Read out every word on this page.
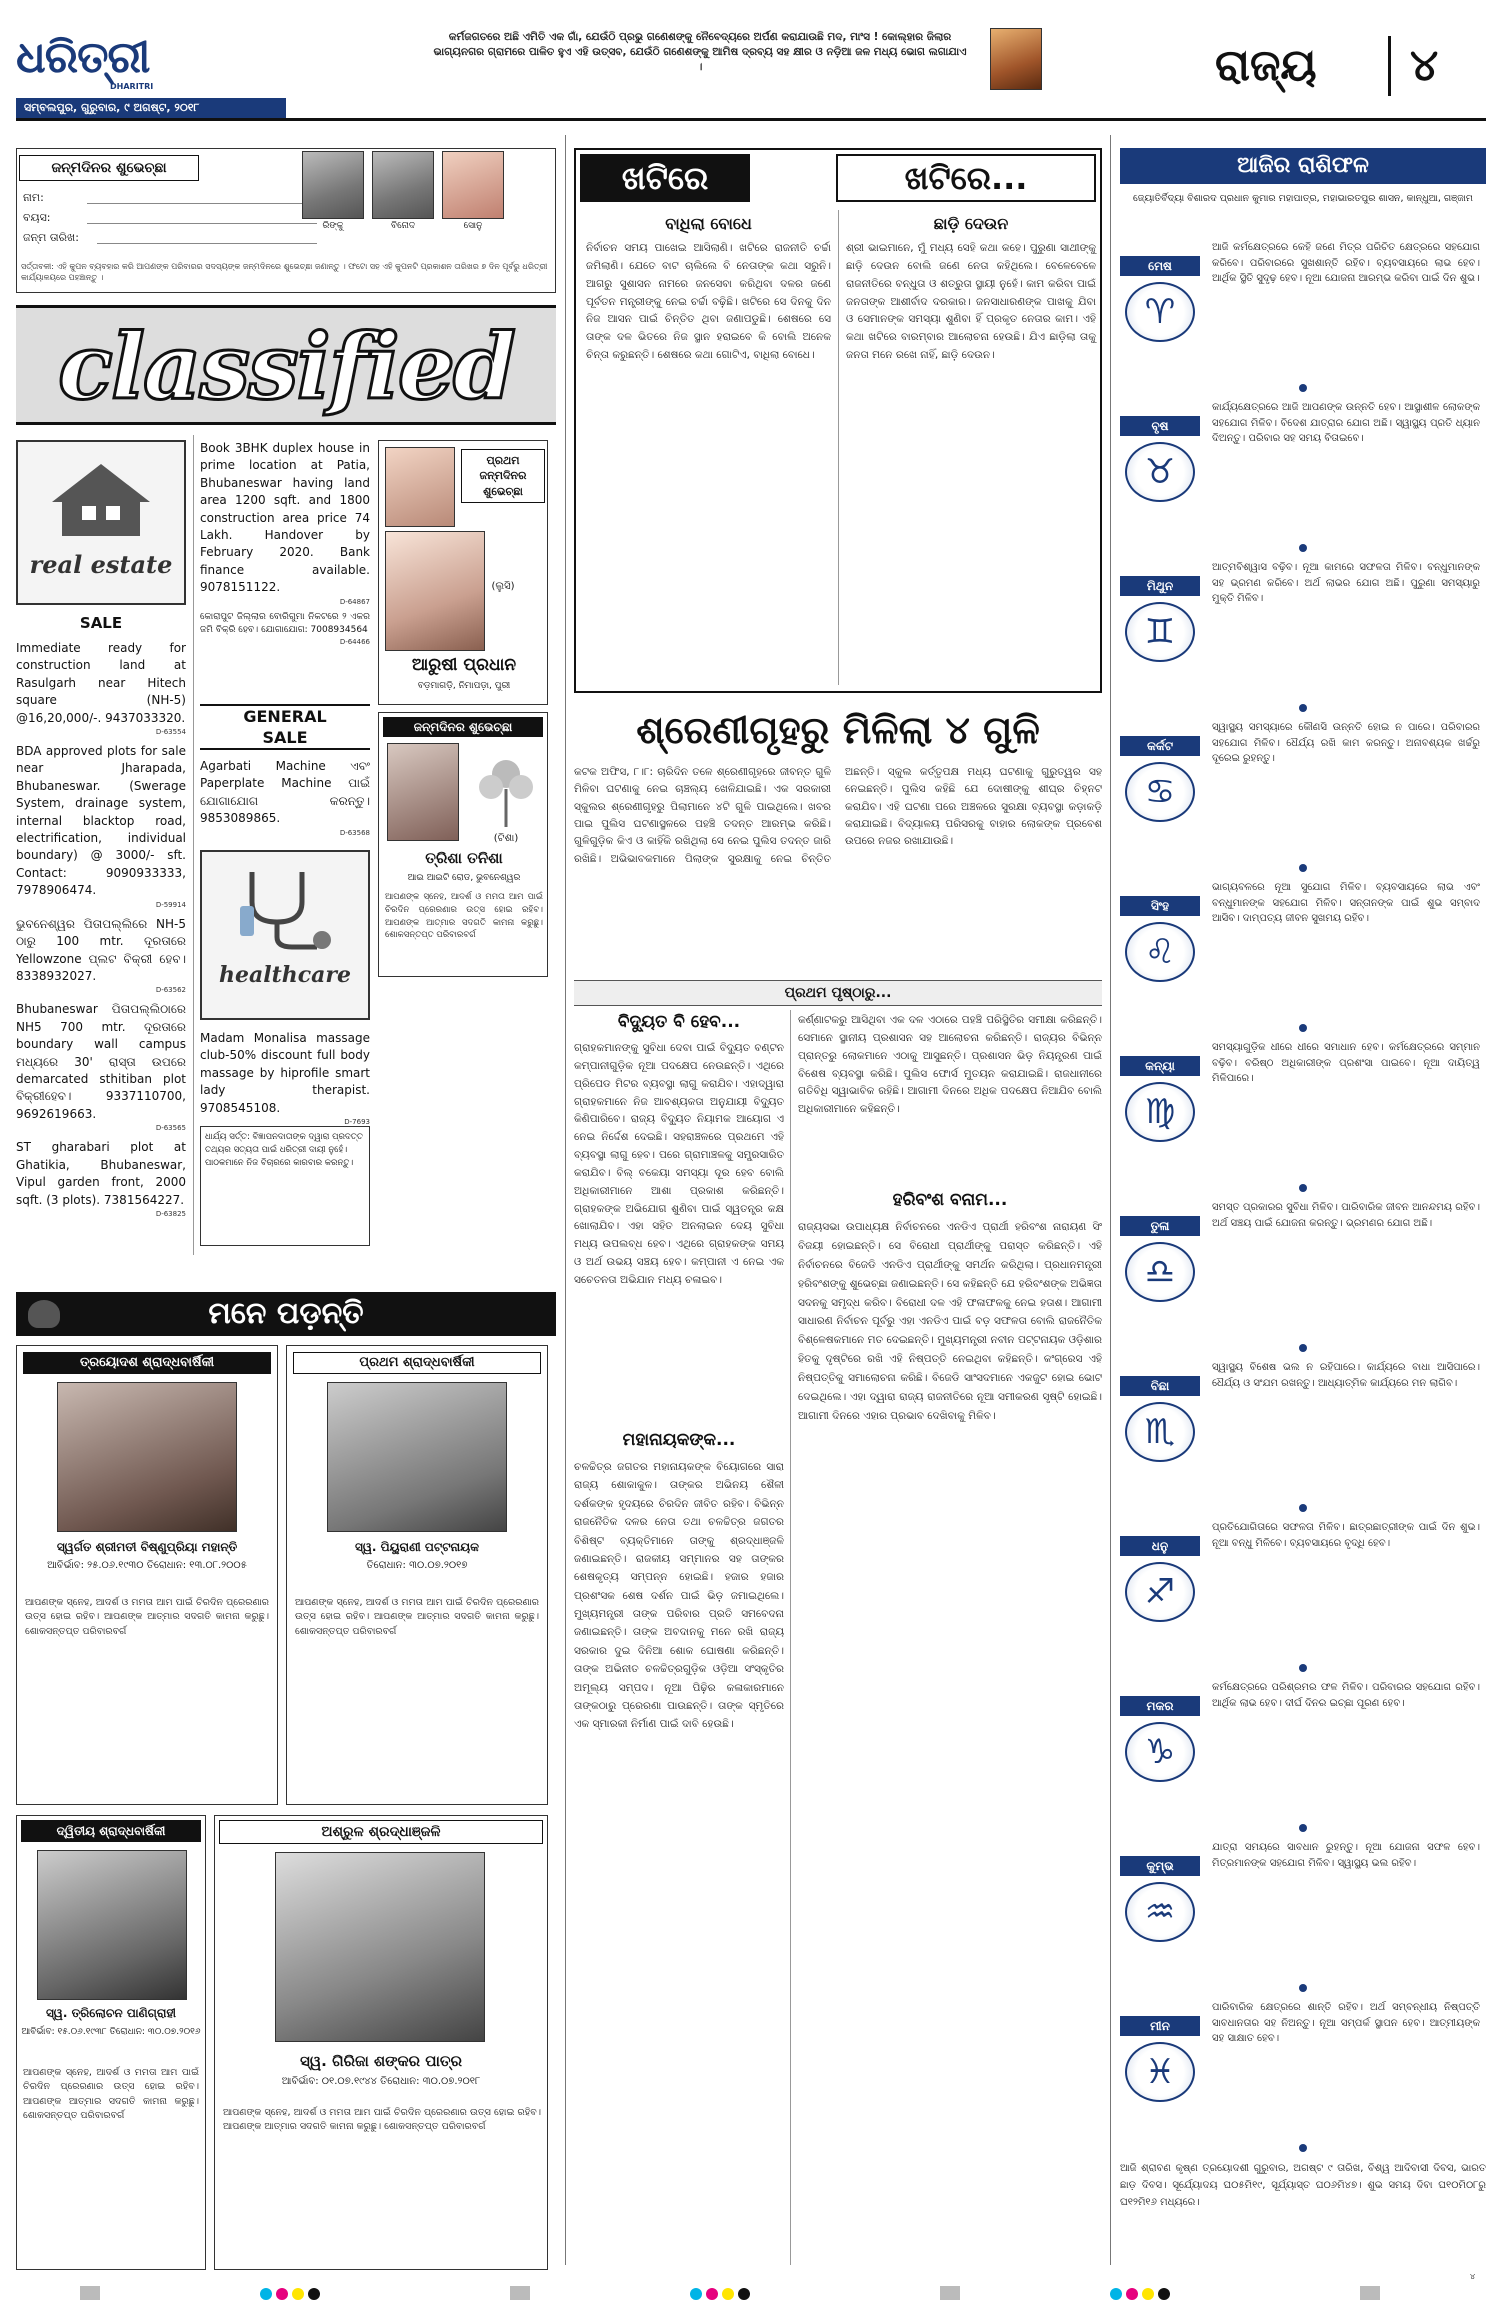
ଧରିତ୍ରୀ
DHARITRI
ସମ୍ବଲପୁର, ଗୁରୁବାର, ୯ ଅଗଷ୍ଟ, ୨୦୧୮
କର୍ମଜଗତରେ ଅଛି ଏମିତି ଏକ ଗାଁ, ଯେଉଁଠି ପ୍ରଭୁ ଗଣେଶଙ୍କୁ ନୈବେଦ୍ୟରେ ଅର୍ପଣ କରାଯାଉଛି ମଦ, ମାଂସ ! କୋଲ୍ହାର ଜିଲାର ଭାଗ୍ୟନଗର ଗ୍ରାମରେ ପାଳିତ ହୁଏ ଏହି ଉତ୍ସବ, ଯେଉଁଠି ଗଣେଶଙ୍କୁ ଆମିଷ ଦ୍ରବ୍ୟ ସହ କ୍ଷୀର ଓ ନଡ଼ିଆ ଜଳ ମଧ୍ୟ ଭୋଗ ଲଗାଯାଏ ।	ରାଜ୍ୟ ୪
ଜନ୍ମଦିନର ଶୁଭେଚ୍ଛା
ନାମ:
ବୟସ:
ଜନ୍ମ ତାରିଖ:
ରିଙ୍କୁ	ବିନୋଦ	ସୋନୁ
ସର୍ତ୍ତାବଳୀ: ଏହି କୁପନ ବ୍ୟବହାର କରି ଆପଣଙ୍କ ପରିବାରର ସଦସ୍ୟଙ୍କ ଜନ୍ମଦିନରେ ଶୁଭେଚ୍ଛା ଜଣାନ୍ତୁ । ଫଟୋ ସହ ଏହି କୁପନଟି ପ୍ରକାଶନ ତାରିଖର ୭ ଦିନ ପୂର୍ବରୁ ଧରିତ୍ରୀ କାର୍ଯ୍ୟାଳୟରେ ପହଞ୍ଚାନ୍ତୁ ।
classified
real estate
SALE
Immediate ready for construction land at Rasulgarh near Hitech square (NH-5) @16,20,000/-. 9437033320.
D-63554
BDA approved plots for sale near Jharapada, Bhubaneswar. (Swerage System, drainage system, internal blacktop road, electrification, individual boundary) @ 3000/- sft. Contact: 9090933333, 7978906474.
D-59914
ଭୁବନେଶ୍ୱର ପିତାପଲ୍ଲିରେ NH-5 ଠାରୁ 100 mtr. ଦୂରତାରେ Yellowzone ପ୍ଲଟ ବିକ୍ରୀ ହେବ। 8338932027.
D-63562
Bhubaneswar ପିତାପଲ୍ଲିଠାରେ NH5 700 mtr. ଦୂରତାରେ boundary wall campus ମଧ୍ୟରେ 30' ରାସ୍ତା ଉପରେ demarcated sthitiban plot ବିକ୍ରୀହେବ। 9337110700, 9692619663.
D-63565
ST gharabari plot at Ghatikia, Bhubaneswar, Vipul garden front, 2000 sqft. (3 plots). 7381564227.
D-63825
Book 3BHK duplex house in prime location at Patia, Bhubaneswar having land area 1200 sqft. and 1800 construction area price 74 Lakh. Handover by February 2020. Bank finance available. 9078151122.
D-64867
କୋରାପୁଟ ଜିଲ୍ଲାର ବୋରିଗୁମା ନିକଟରେ ୨ ଏକର ଜମି ବିକ୍ରି ହେବ। ଯୋଗାଯୋଗ: 7008934564
D-64466
GENERAL
SALE
Agarbati Machine ଏବଂ Paperplate Machine ପାଇଁ ଯୋଗାଯୋଗ କରନ୍ତୁ। 9853089865.
D-63568
healthcare
Madam Monalisa massage club-50% discount full body massage by hiprofile smart lady therapist. 9708545108.
D-7693
ଧାର୍ଯ୍ୟ ସର୍ତ୍ତ: ବିଜ୍ଞାପନଦାତାଙ୍କ ଦ୍ୱାରା ପ୍ରଦତ୍ତ ତଥ୍ୟର ସତ୍ୟତା ପାଇଁ ଧରିତ୍ରୀ ଦାୟୀ ନୁହେଁ। ପାଠକମାନେ ନିଜ ବିଚାରରେ କାରବାର କରନ୍ତୁ।
ପ୍ରଥମ ଜନ୍ମଦିନର ଶୁଭେଚ୍ଛା
(ଲୁସି)
ଆରୁଷୀ ପ୍ରଧାନ
ବଡ଼ମାଗଡ଼ି, ନିମାପଡ଼ା, ପୁରୀ
ଜନ୍ମଦିନର ଶୁଭେଚ୍ଛା
(ଟିଶା)
ତ୍ରିଶା ତନିଶା
ଆଇ ଆଇଟି ରୋଡ, ଭୁବନେଶ୍ୱର
ଆପଣଙ୍କ ସ୍ନେହ, ଆଦର୍ଶ ଓ ମମତା ଆମ ପାଇଁ ଚିରଦିନ ପ୍ରେରଣାର ଉତ୍ସ ହୋଇ ରହିବ। ଆପଣଙ୍କ ଆତ୍ମାର ସଦଗତି କାମନା କରୁଛୁ। ଶୋକସନ୍ତପ୍ତ ପରିବାରବର୍ଗ
ମନେ ପଡ଼ନ୍ତି
ତ୍ରୟୋଦଶ ଶ୍ରାଦ୍ଧବାର୍ଷିକୀ
ସ୍ୱର୍ଗତ ଶ୍ରୀମତୀ ବିଷ୍ଣୁପ୍ରିୟା ମହାନ୍ତି
ଆବିର୍ଭାବ: ୨୫.୦୬.୧୯୩୦ ତିରୋଧାନ: ୧୩.୦୮.୨୦୦୫
ଆପଣଙ୍କ ସ୍ନେହ, ଆଦର୍ଶ ଓ ମମତା ଆମ ପାଇଁ ଚିରଦିନ ପ୍ରେରଣାର ଉତ୍ସ ହୋଇ ରହିବ। ଆପଣଙ୍କ ଆତ୍ମାର ସଦଗତି କାମନା କରୁଛୁ। ଶୋକସନ୍ତପ୍ତ ପରିବାରବର୍ଗ
ପ୍ରଥମ ଶ୍ରାଦ୍ଧବାର୍ଷିକୀ
ସ୍ୱ. ପିୟୁରାଣୀ ପଟ୍ଟନାୟକ
ତିରୋଧାନ: ୩୦.୦୭.୨୦୧୭
ଆପଣଙ୍କ ସ୍ନେହ, ଆଦର୍ଶ ଓ ମମତା ଆମ ପାଇଁ ଚିରଦିନ ପ୍ରେରଣାର ଉତ୍ସ ହୋଇ ରହିବ। ଆପଣଙ୍କ ଆତ୍ମାର ସଦଗତି କାମନା କରୁଛୁ। ଶୋକସନ୍ତପ୍ତ ପରିବାରବର୍ଗ
ଦ୍ୱିତୀୟ ଶ୍ରାଦ୍ଧବାର୍ଷିକୀ
ସ୍ୱ. ତ୍ରିଲୋଚନ ପାଣିଗ୍ରାହୀ
ଆବିର୍ଭାବ: ୧୫.୦୬.୧୯୩୮ ତିରୋଧାନ: ୩୦.୦୭.୨୦୧୬
ଆପଣଙ୍କ ସ୍ନେହ, ଆଦର୍ଶ ଓ ମମତା ଆମ ପାଇଁ ଚିରଦିନ ପ୍ରେରଣାର ଉତ୍ସ ହୋଇ ରହିବ। ଆପଣଙ୍କ ଆତ୍ମାର ସଦଗତି କାମନା କରୁଛୁ। ଶୋକସନ୍ତପ୍ତ ପରିବାରବର୍ଗ
ଅଶ୍ରୁଳ ଶ୍ରଦ୍ଧାଞ୍ଜଳି
ସ୍ୱ. ଗିରିଜା ଶଙ୍କର ପାତ୍ର
ଆବିର୍ଭାବ: ୦୧.୦୭.୧୯୪୪ ତିରୋଧାନ: ୩୦.୦୭.୨୦୧୮
ଆପଣଙ୍କ ସ୍ନେହ, ଆଦର୍ଶ ଓ ମମତା ଆମ ପାଇଁ ଚିରଦିନ ପ୍ରେରଣାର ଉତ୍ସ ହୋଇ ରହିବ। ଆପଣଙ୍କ ଆତ୍ମାର ସଦଗତି କାମନା କରୁଛୁ। ଶୋକସନ୍ତପ୍ତ ପରିବାରବର୍ଗ
ଖଟିରେ	ଖଟିରେ...
ବାଧିଲା ବୋଧେ
ନିର୍ବାଚନ ସମୟ ପାଖେଇ ଆସିଲାଣି। ଖଟିରେ ରାଜନୀତି ଚର୍ଚ୍ଚା ଜମିଲାଣି। ଯେତେ ବାଟ ଚାଲିଲେ ବି ନେତାଙ୍କ କଥା ସରୁନି। ଆଗରୁ ସୁଶାସନ ନାମରେ ଜନସେବା କରିଥିବା ଦଳର ଜଣେ ପୂର୍ବତନ ମନ୍ତ୍ରୀଙ୍କୁ ନେଇ ଚର୍ଚ୍ଚା ବଢ଼ିଛି। ଖଟିରେ ସେ ଦିନକୁ ଦିନ ନିଜ ଆସନ ପାଇଁ ଚିନ୍ତିତ ଥିବା ଜଣାପଡୁଛି। ଶେଷରେ ସେ ତାଙ୍କ ଦଳ ଭିତରେ ନିଜ ସ୍ଥାନ ହରାଇବେ କି ବୋଲି ଅନେକ ଚିନ୍ତା କରୁଛନ୍ତି। ଶେଷରେ କଥା ଗୋଟିଏ, ବାଧିଲା ବୋଧେ।
ଛାଡ଼ି ଦେଉନ
ଶ୍ରୀ ଭାଇମାନେ, ମୁଁ ମଧ୍ୟ ସେହି କଥା କହେ। ପୁରୁଣା ସାଥୀଙ୍କୁ ଛାଡ଼ି ଦେଉନ ବୋଲି ଜଣେ ନେତା କହିଥିଲେ। ବେଳେବେଳେ ରାଜନୀତିରେ ବନ୍ଧୁତା ଓ ଶତ୍ରୁତା ସ୍ଥାୟୀ ନୁହେଁ। କାମ କରିବା ପାଇଁ ଜନତାଙ୍କ ଆଶୀର୍ବାଦ ଦରକାର। ଜନସାଧାରଣଙ୍କ ପାଖକୁ ଯିବା ଓ ସେମାନଙ୍କ ସମସ୍ୟା ଶୁଣିବା ହିଁ ପ୍ରକୃତ ନେତାର କାମ। ଏହି କଥା ଖଟିରେ ବାରମ୍ବାର ଆଲୋଚନା ହେଉଛି। ଯିଏ ଛାଡ଼ିଲା ତାକୁ ଜନତା ମନେ ରଖେ ନାହିଁ, ଛାଡ଼ି ଦେଉନ।
ଶ୍ରେଣୀଗୃହରୁ ମିଳିଲା ୪ ଗୁଳି
କଟକ ଅଫିସ, ୮।୮: ଚାରିଦିନ ତଳେ ଶ୍ରେଣୀଗୃହରେ ଜୀବନ୍ତ ଗୁଳି ମିଳିବା ଘଟଣାକୁ ନେଇ ଚାଞ୍ଚଲ୍ୟ ଖେଳିଯାଇଛି। ଏକ ସରକାରୀ ସ୍କୁଲର ଶ୍ରେଣୀଗୃହରୁ ପିଲାମାନେ ୪ଟି ଗୁଳି ପାଇଥିଲେ। ଖବର ପାଇ ପୁଲିସ ଘଟଣାସ୍ଥଳରେ ପହଞ୍ଚି ତଦନ୍ତ ଆରମ୍ଭ କରିଛି। ଗୁଳିଗୁଡ଼ିକ କିଏ ଓ କାହିଁକି ରଖିଥିଲା ସେ ନେଇ ପୁଲିସ ତଦନ୍ତ ଜାରି ରଖିଛି। ଅଭିଭାବକମାନେ ପିଲାଙ୍କ ସୁରକ୍ଷାକୁ ନେଇ ଚିନ୍ତିତ ଅଛନ୍ତି। ସ୍କୁଲ କର୍ତ୍ତୃପକ୍ଷ ମଧ୍ୟ ଘଟଣାକୁ ଗୁରୁତ୍ୱର ସହ ନେଇଛନ୍ତି। ପୁଲିସ କହିଛି ଯେ ଦୋଷୀଙ୍କୁ ଶୀଘ୍ର ଚିହ୍ନଟ କରାଯିବ। ଏହି ଘଟଣା ପରେ ଅଞ୍ଚଳରେ ସୁରକ୍ଷା ବ୍ୟବସ୍ଥା କଡ଼ାକଡ଼ି କରାଯାଇଛି। ବିଦ୍ୟାଳୟ ପରିସରକୁ ବାହାର ଲୋକଙ୍କ ପ୍ରବେଶ ଉପରେ ନଜର ରଖାଯାଉଛି।
ପ୍ରଥମ ପୃଷ୍ଠାରୁ...
ବିଦ୍ୟୁତ ବି ହେବ...
ଗ୍ରାହକମାନଙ୍କୁ ସୁବିଧା ଦେବା ପାଇଁ ବିଦ୍ୟୁତ ବଣ୍ଟନ କମ୍ପାନୀଗୁଡ଼ିକ ନୂଆ ପଦକ୍ଷେପ ନେଉଛନ୍ତି। ଏଥିରେ ପ୍ରିପେଡ ମିଟର ବ୍ୟବସ୍ଥା ଲାଗୁ କରାଯିବ। ଏହାଦ୍ୱାରା ଗ୍ରାହକମାନେ ନିଜ ଆବଶ୍ୟକତା ଅନୁଯାୟୀ ବିଦ୍ୟୁତ କିଣିପାରିବେ। ରାଜ୍ୟ ବିଦ୍ୟୁତ ନିୟାମକ ଆୟୋଗ ଏ ନେଇ ନିର୍ଦ୍ଦେଶ ଦେଇଛି। ସହରାଞ୍ଚଳରେ ପ୍ରଥମେ ଏହି ବ୍ୟବସ୍ଥା ଲାଗୁ ହେବ। ପରେ ଗ୍ରାମାଞ୍ଚଳକୁ ସମ୍ପ୍ରସାରିତ କରାଯିବ। ବିଲ୍ ବକେୟା ସମସ୍ୟା ଦୂର ହେବ ବୋଲି ଅଧିକାରୀମାନେ ଆଶା ପ୍ରକାଶ କରିଛନ୍ତି। ଗ୍ରାହକଙ୍କ ଅଭିଯୋଗ ଶୁଣିବା ପାଇଁ ସ୍ୱତନ୍ତ୍ର କକ୍ଷ ଖୋଲାଯିବ। ଏହା ସହିତ ଅନଲାଇନ ଦେୟ ସୁବିଧା ମଧ୍ୟ ଉପଲବ୍ଧ ହେବ। ଏଥିରେ ଗ୍ରାହକଙ୍କ ସମୟ ଓ ଅର୍ଥ ଉଭୟ ସଞ୍ଚୟ ହେବ। କମ୍ପାନୀ ଏ ନେଇ ଏକ ସଚେତନତା ଅଭିଯାନ ମଧ୍ୟ ଚଳାଇବ।
ମହାନାୟକଙ୍କ...
ଚଳଚ୍ଚିତ୍ର ଜଗତର ମହାନାୟକଙ୍କ ବିୟୋଗରେ ସାରା ରାଜ୍ୟ ଶୋକାକୁଳ। ତାଙ୍କର ଅଭିନୟ ଶୈଳୀ ଦର୍ଶକଙ୍କ ହୃଦୟରେ ଚିରଦିନ ଜୀବିତ ରହିବ। ବିଭିନ୍ନ ରାଜନୈତିକ ଦଳର ନେତା ତଥା ଚଳଚ୍ଚିତ୍ର ଜଗତର ବିଶିଷ୍ଟ ବ୍ୟକ୍ତିମାନେ ତାଙ୍କୁ ଶ୍ରଦ୍ଧାଞ୍ଜଳି ଜଣାଇଛନ୍ତି। ରାଜକୀୟ ସମ୍ମାନର ସହ ତାଙ୍କର ଶେଷକୃତ୍ୟ ସମ୍ପନ୍ନ ହୋଇଛି। ହଜାର ହଜାର ପ୍ରଶଂସକ ଶେଷ ଦର୍ଶନ ପାଇଁ ଭିଡ଼ ଜମାଇଥିଲେ। ମୁଖ୍ୟମନ୍ତ୍ରୀ ତାଙ୍କ ପରିବାର ପ୍ରତି ସମବେଦନା ଜଣାଇଛନ୍ତି। ତାଙ୍କ ଅବଦାନକୁ ମନେ ରଖି ରାଜ୍ୟ ସରକାର ଦୁଇ ଦିନିଆ ଶୋକ ଘୋଷଣା କରିଛନ୍ତି। ତାଙ୍କ ଅଭିନୀତ ଚଳଚ୍ଚିତ୍ରଗୁଡ଼ିକ ଓଡ଼ିଆ ସଂସ୍କୃତିର ଅମୂଲ୍ୟ ସମ୍ପଦ। ନୂଆ ପିଢ଼ିର କଳାକାରମାନେ ତାଙ୍କଠାରୁ ପ୍ରେରଣା ପାଉଛନ୍ତି। ତାଙ୍କ ସ୍ମୃତିରେ ଏକ ସ୍ମାରକୀ ନିର୍ମାଣ ପାଇଁ ଦାବି ହେଉଛି।
କର୍ଣ୍ଣାଟକରୁ ଆସିଥିବା ଏକ ଦଳ ଏଠାରେ ପହଞ୍ଚି ପରିସ୍ଥିତିର ସମୀକ୍ଷା କରିଛନ୍ତି। ସେମାନେ ସ୍ଥାନୀୟ ପ୍ରଶାସନ ସହ ଆଲୋଚନା କରିଛନ୍ତି। ରାଜ୍ୟର ବିଭିନ୍ନ ପ୍ରାନ୍ତରୁ ଲୋକମାନେ ଏଠାକୁ ଆସୁଛନ୍ତି। ପ୍ରଶାସନ ଭିଡ଼ ନିୟନ୍ତ୍ରଣ ପାଇଁ ବିଶେଷ ବ୍ୟବସ୍ଥା କରିଛି। ପୁଲିସ ଫୋର୍ସ ମୁତୟନ କରାଯାଇଛି। ରାଜଧାନୀରେ ଗତିବିଧି ସ୍ୱାଭାବିକ ରହିଛି। ଆଗାମୀ ଦିନରେ ଅଧିକ ପଦକ୍ଷେପ ନିଆଯିବ ବୋଲି ଅଧିକାରୀମାନେ କହିଛନ୍ତି।
ହରିବଂଶ ବନାମ...
ରାଜ୍ୟସଭା ଉପାଧ୍ୟକ୍ଷ ନିର୍ବାଚନରେ ଏନଡିଏ ପ୍ରାର୍ଥୀ ହରିବଂଶ ନାରାୟଣ ସିଂ ବିଜୟୀ ହୋଇଛନ୍ତି। ସେ ବିରୋଧୀ ପ୍ରାର୍ଥୀଙ୍କୁ ପରାସ୍ତ କରିଛନ୍ତି। ଏହି ନିର୍ବାଚନରେ ବିଜେଡି ଏନଡିଏ ପ୍ରାର୍ଥୀଙ୍କୁ ସମର୍ଥନ କରିଥିଲା। ପ୍ରଧାନମନ୍ତ୍ରୀ ହରିବଂଶଙ୍କୁ ଶୁଭେଚ୍ଛା ଜଣାଇଛନ୍ତି। ସେ କହିଛନ୍ତି ଯେ ହରିବଂଶଙ୍କ ଅଭିଜ୍ଞତା ସଦନକୁ ସମୃଦ୍ଧ କରିବ। ବିରୋଧୀ ଦଳ ଏହି ଫଳାଫଳକୁ ନେଇ ହତାଶ। ଆଗାମୀ ସାଧାରଣ ନିର୍ବାଚନ ପୂର୍ବରୁ ଏହା ଏନଡିଏ ପାଇଁ ବଡ଼ ସଫଳତା ବୋଲି ରାଜନୈତିକ ବିଶ୍ଳେଷକମାନେ ମତ ଦେଇଛନ୍ତି। ମୁଖ୍ୟମନ୍ତ୍ରୀ ନବୀନ ପଟ୍ଟନାୟକ ଓଡ଼ିଶାର ହିତକୁ ଦୃଷ୍ଟିରେ ରଖି ଏହି ନିଷ୍ପତ୍ତି ନେଇଥିବା କହିଛନ୍ତି। କଂଗ୍ରେସ ଏହି ନିଷ୍ପତ୍ତିକୁ ସମାଲୋଚନା କରିଛି। ବିଜେଡି ସାଂସଦମାନେ ଏକଜୁଟ ହୋଇ ଭୋଟ ଦେଇଥିଲେ। ଏହା ଦ୍ୱାରା ରାଜ୍ୟ ରାଜନୀତିରେ ନୂଆ ସମୀକରଣ ସୃଷ୍ଟି ହୋଇଛି। ଆଗାମୀ ଦିନରେ ଏହାର ପ୍ରଭାବ ଦେଖିବାକୁ ମିଳିବ।
ଆଜିର ରାଶିଫଳ
ଜ୍ୟୋତିର୍ବିଦ୍ୟା ବିଶାରଦ ପ୍ରଧାନ କୁମାର ମହାପାତ୍ର, ମହାଭାରତପୁର ଶାସନ, କାନ୍ଧୁଆ, ଗଞ୍ଜାମ
ମେଷ
♈
ଆଜି କର୍ମକ୍ଷେତ୍ରରେ କେହି ଜଣେ ମିତ୍ର ପରିଚିତ କ୍ଷେତ୍ରରେ ସହଯୋଗ କରିବେ। ପରିବାରରେ ସୁଖଶାନ୍ତି ରହିବ। ବ୍ୟବସାୟରେ ଲାଭ ହେବ। ଆର୍ଥିକ ସ୍ଥିତି ସୁଦୃଢ଼ ହେବ। ନୂଆ ଯୋଜନା ଆରମ୍ଭ କରିବା ପାଇଁ ଦିନ ଶୁଭ।
ବୃଷ
♉
କାର୍ଯ୍ୟକ୍ଷେତ୍ରରେ ଆଜି ଆପଣଙ୍କ ଉନ୍ନତି ହେବ। ଆସ୍ଥାଶୀଳ ଲୋକଙ୍କ ସହଯୋଗ ମିଳିବ। ବିଦେଶ ଯାତ୍ରାର ଯୋଗ ଅଛି। ସ୍ୱାସ୍ଥ୍ୟ ପ୍ରତି ଧ୍ୟାନ ଦିଅନ୍ତୁ। ପରିବାର ସହ ସମୟ ବିତାଇବେ।
ମିଥୁନ
♊
ଆତ୍ମବିଶ୍ୱାସ ବଢ଼ିବ। ନୂଆ କାମରେ ସଫଳତା ମିଳିବ। ବନ୍ଧୁମାନଙ୍କ ସହ ଭ୍ରମଣ କରିବେ। ଅର୍ଥ ଲାଭର ଯୋଗ ଅଛି। ପୁରୁଣା ସମସ୍ୟାରୁ ମୁକ୍ତି ମିଳିବ।
କର୍କଟ
♋
ସ୍ୱାସ୍ଥ୍ୟ ସମସ୍ୟାରେ କୌଣସି ଉନ୍ନତି ହୋଇ ନ ପାରେ। ପରିବାରର ସହଯୋଗ ମିଳିବ। ଧୈର୍ଯ୍ୟ ରଖି କାମ କରନ୍ତୁ। ଅନାବଶ୍ୟକ ଖର୍ଚ୍ଚରୁ ଦୂରେଇ ରୁହନ୍ତୁ।
ସିଂହ
♌
ଭାଗ୍ୟବଳରେ ନୂଆ ସୁଯୋଗ ମିଳିବ। ବ୍ୟବସାୟରେ ଲାଭ ଏବଂ ବନ୍ଧୁମାନଙ୍କ ସହଯୋଗ ମିଳିବ। ସନ୍ତାନଙ୍କ ପାଇଁ ଶୁଭ ସମ୍ବାଦ ଆସିବ। ଦାମ୍ପତ୍ୟ ଜୀବନ ସୁଖମୟ ରହିବ।
କନ୍ୟା
♍
ସମସ୍ୟାଗୁଡ଼ିକ ଧୀରେ ଧୀରେ ସମାଧାନ ହେବ। କର୍ମକ୍ଷେତ୍ରରେ ସମ୍ମାନ ବଢ଼ିବ। ବରିଷ୍ଠ ଅଧିକାରୀଙ୍କ ପ୍ରଶଂସା ପାଇବେ। ନୂଆ ଦାୟିତ୍ୱ ମିଳିପାରେ।
ତୁଳା
♎
ସମସ୍ତ ପ୍ରକାରର ସୁବିଧା ମିଳିବ। ପାରିବାରିକ ଜୀବନ ଆନନ୍ଦମୟ ରହିବ। ଅର୍ଥ ସଞ୍ଚୟ ପାଇଁ ଯୋଜନା କରନ୍ତୁ। ଭ୍ରମଣର ଯୋଗ ଅଛି।
ବିଛା
♏
ସ୍ୱାସ୍ଥ୍ୟ ବିଶେଷ ଭଲ ନ ରହିପାରେ। କାର୍ଯ୍ୟରେ ବାଧା ଆସିପାରେ। ଧୈର୍ଯ୍ୟ ଓ ସଂଯମ ରଖନ୍ତୁ। ଆଧ୍ୟାତ୍ମିକ କାର୍ଯ୍ୟରେ ମନ ଲାଗିବ।
ଧନୁ
♐
ପ୍ରତିଯୋଗିତାରେ ସଫଳତା ମିଳିବ। ଛାତ୍ରଛାତ୍ରୀଙ୍କ ପାଇଁ ଦିନ ଶୁଭ। ନୂଆ ବନ୍ଧୁ ମିଳିବେ। ବ୍ୟବସାୟରେ ବୃଦ୍ଧି ହେବ।
ମକର
♑
କର୍ମକ୍ଷେତ୍ରରେ ପରିଶ୍ରମର ଫଳ ମିଳିବ। ପରିବାରର ସହଯୋଗ ରହିବ। ଆର୍ଥିକ ଲାଭ ହେବ। ଦୀର୍ଘ ଦିନର ଇଚ୍ଛା ପୂରଣ ହେବ।
କୁମ୍ଭ
♒
ଯାତ୍ରା ସମୟରେ ସାବଧାନ ରୁହନ୍ତୁ। ନୂଆ ଯୋଜନା ସଫଳ ହେବ। ମିତ୍ରମାନଙ୍କ ସହଯୋଗ ମିଳିବ। ସ୍ୱାସ୍ଥ୍ୟ ଭଲ ରହିବ।
ମୀନ
♓
ପାରିବାରିକ କ୍ଷେତ୍ରରେ ଶାନ୍ତି ରହିବ। ଅର୍ଥ ସମ୍ବନ୍ଧୀୟ ନିଷ୍ପତ୍ତି ସାବଧାନତାର ସହ ନିଅନ୍ତୁ। ନୂଆ ସମ୍ପର୍କ ସ୍ଥାପନ ହେବ। ଆତ୍ମୀୟଙ୍କ ସହ ସାକ୍ଷାତ ହେବ।
ଆଜି ଶ୍ରାବଣ କୃଷ୍ଣ ତ୍ରୟୋଦଶୀ ଗୁରୁବାର, ଅଗଷ୍ଟ ୯ ତାରିଖ, ବିଶ୍ୱ ଆଦିବାସୀ ଦିବସ, ଭାରତ ଛାଡ଼ ଦିବସ। ସୂର୍ଯ୍ୟୋଦୟ ଘ୦୫ମି୧୯, ସୂର୍ଯ୍ୟାସ୍ତ ଘ୦୬ମି୪୭। ଶୁଭ ସମୟ ଦିବା ଘ୧୦ମି୦୮ରୁ ଘ୧୨ମି୧୬ ମଧ୍ୟରେ।
୪
